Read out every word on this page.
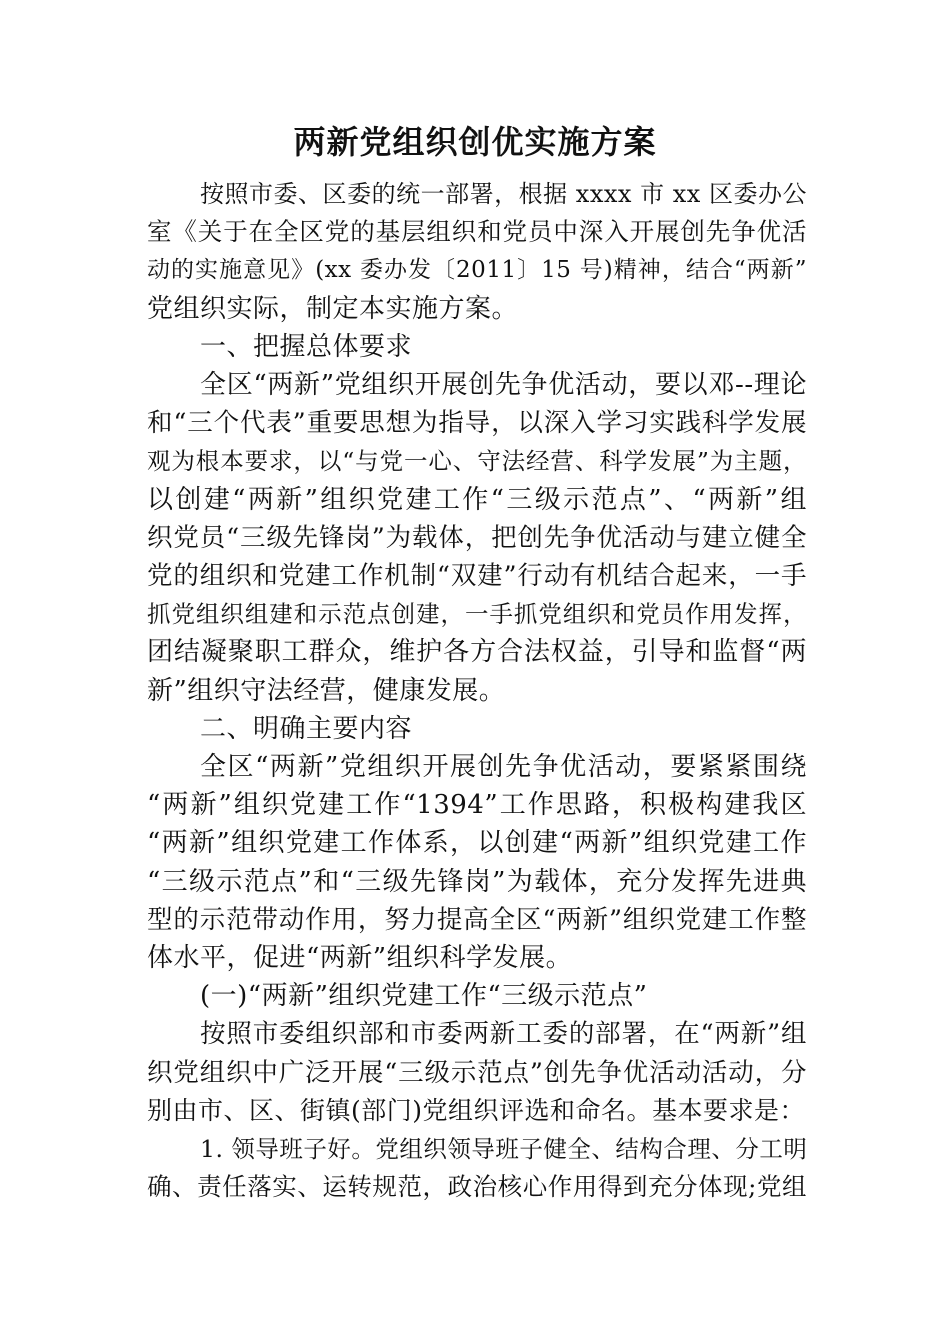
两新党组织创优实施方案
按照市委、区委的统一部署，根据 xxxx 市 xx 区委办公
室《关于在全区党的基层组织和党员中深入开展创先争优活
动的实施意见》(xx 委办发〔2011〕15 号)精神，结合“两新”
党组织实际，制定本实施方案。
一、把握总体要求
全区“两新”党组织开展创先争优活动，要以邓--理论
和“三个代表”重要思想为指导，以深入学习实践科学发展
观为根本要求，以“与党一心、守法经营、科学发展”为主题，
以创建“两新”组织党建工作“三级示范点”、“两新”组
织党员“三级先锋岗”为载体，把创先争优活动与建立健全
党的组织和党建工作机制“双建”行动有机结合起来，一手
抓党组织组建和示范点创建，一手抓党组织和党员作用发挥，
团结凝聚职工群众，维护各方合法权益，引导和监督“两
新”组织守法经营，健康发展。
二、明确主要内容
全区“两新”党组织开展创先争优活动，要紧紧围绕
“两新”组织党建工作“1394”工作思路，积极构建我区
“两新”组织党建工作体系，以创建“两新”组织党建工作
“三级示范点”和“三级先锋岗”为载体，充分发挥先进典
型的示范带动作用，努力提高全区“两新”组织党建工作整
体水平，促进“两新”组织科学发展。
(一)“两新”组织党建工作“三级示范点”
按照市委组织部和市委两新工委的部署，在“两新”组
织党组织中广泛开展“三级示范点”创先争优活动活动，分
别由市、区、街镇(部门)党组织评选和命名。基本要求是：
1. 领导班子好。党组织领导班子健全、结构合理、分工明
确、责任落实、运转规范，政治核心作用得到充分体现;党组
